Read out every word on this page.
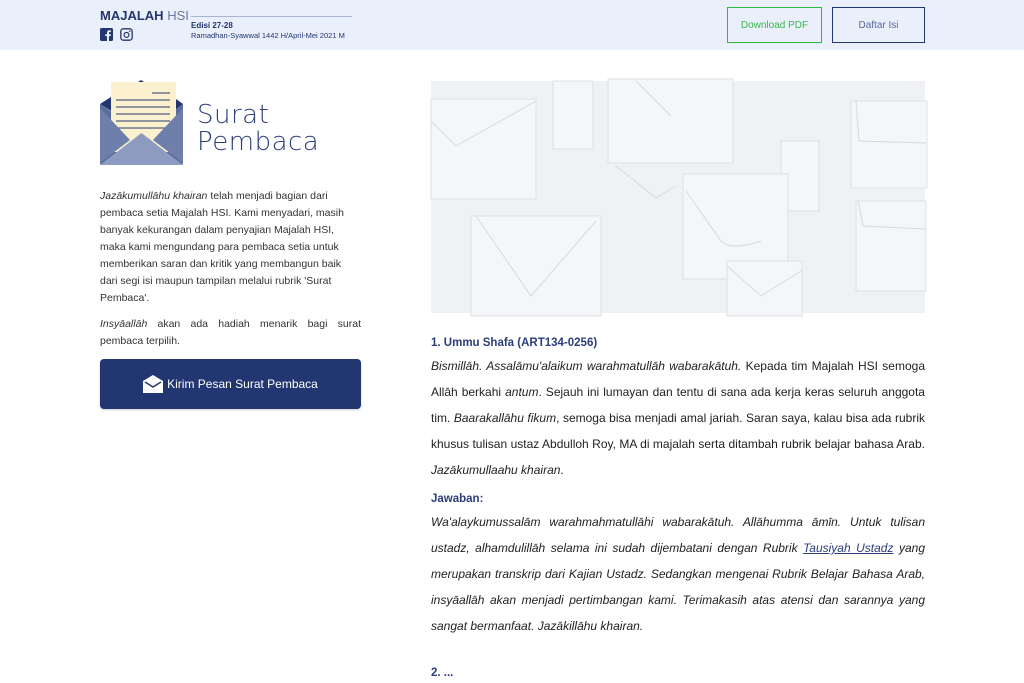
MAJALAH HSI
Edisi 27-28
Ramadhan-Syawwal 1442 H/April-Mei 2021 M
Download PDF	Daftar Isi
Surat
Pembaca

Jazākumullāhu khairan telah menjadi bagian dari pembaca setia Majalah HSI. Kami menyadari, masih banyak kekurangan dalam penyajian Majalah HSI, maka kami mengundang para pembaca setia untuk memberikan saran dan kritik yang membangun baik dari segi isi maupun tampilan melalui rubrik 'Surat Pembaca'.

Insyāallāh akan ada hadiah menarik bagi surat pembaca terpilih.

Kirim Pesan Surat Pembaca
1. Ummu Shafa (ART134-0256)
Bismillāh. Assalāmu'alaikum warahmatullāh wabarakātuh. Kepada tim Majalah HSI semoga Allāh berkahi antum. Sejauh ini lumayan dan tentu di sana ada kerja keras seluruh anggota tim. Baarakallāhu fikum, semoga bisa menjadi amal jariah. Saran saya, kalau bisa ada rubrik khusus tulisan ustaz Abdulloh Roy, MA di majalah serta ditambah rubrik belajar bahasa Arab. Jazākumullaahu khairan.
Jawaban:
Wa'alaykumussalām warahmahmatullāhi wabarakātuh. Allāhumma āmīn. Untuk tulisan ustadz, alhamdulillāh selama ini sudah dijembatani dengan Rubrik Tausiyah Ustadz yang merupakan transkrip dari Kajian Ustadz. Sedangkan mengenai Rubrik Belajar Bahasa Arab, insyāallāh akan menjadi pertimbangan kami. Terimakasih atas atensi dan sarannya yang sangat bermanfaat. Jazākillāhu khairan.
2. ...
